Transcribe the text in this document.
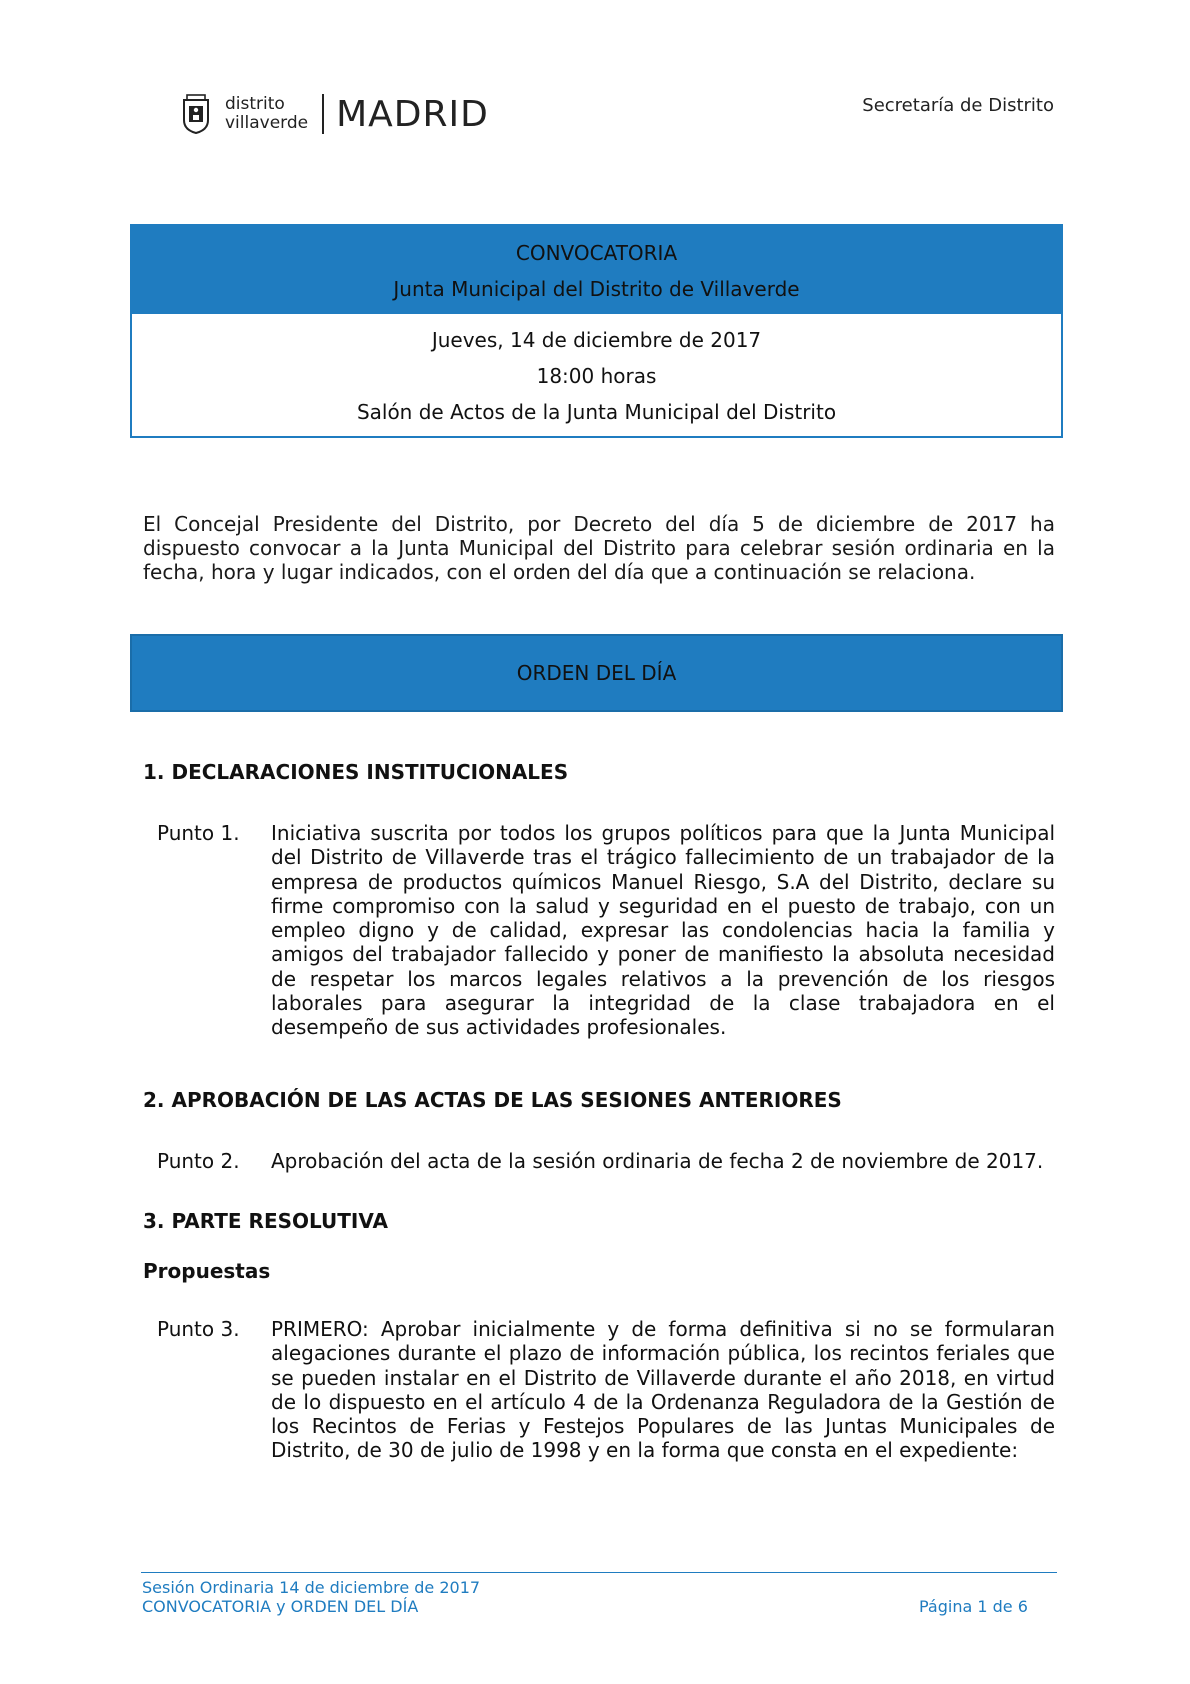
distrito
villaverde MADRID	Secretaría de Distrito
CONVOCATORIA
Junta Municipal del Distrito de Villaverde
Jueves, 14 de diciembre de 2017
18:00 horas
Salón de Actos de la Junta Municipal del Distrito
El Concejal Presidente del Distrito, por Decreto del día 5 de diciembre de 2017 ha
dispuesto convocar a la Junta Municipal del Distrito para celebrar sesión ordinaria en la
fecha, hora y lugar indicados, con el orden del día que a continuación se relaciona.
ORDEN DEL DÍA
1. DECLARACIONES INSTITUCIONALES
Punto 1. Iniciativa suscrita por todos los grupos políticos para que la Junta Municipal
del Distrito de Villaverde tras el trágico fallecimiento de un trabajador de la
empresa de productos químicos Manuel Riesgo, S.A del Distrito, declare su
firme compromiso con la salud y seguridad en el puesto de trabajo, con un
empleo digno y de calidad, expresar las condolencias hacia la familia y
amigos del trabajador fallecido y poner de manifiesto la absoluta necesidad
de respetar los marcos legales relativos a la prevención de los riesgos
laborales para asegurar la integridad de la clase trabajadora en el
desempeño de sus actividades profesionales.
2. APROBACIÓN DE LAS ACTAS DE LAS SESIONES ANTERIORES
Punto 2. Aprobación del acta de la sesión ordinaria de fecha 2 de noviembre de 2017.
3. PARTE RESOLUTIVA
Propuestas
Punto 3. PRIMERO: Aprobar inicialmente y de forma definitiva si no se formularan
alegaciones durante el plazo de información pública, los recintos feriales que
se pueden instalar en el Distrito de Villaverde durante el año 2018, en virtud
de lo dispuesto en el artículo 4 de la Ordenanza Reguladora de la Gestión de
los Recintos de Ferias y Festejos Populares de las Juntas Municipales de
Distrito, de 30 de julio de 1998 y en la forma que consta en el expediente:
Sesión Ordinaria 14 de diciembre de 2017
CONVOCATORIA y ORDEN DEL DÍA	Página 1 de 6
